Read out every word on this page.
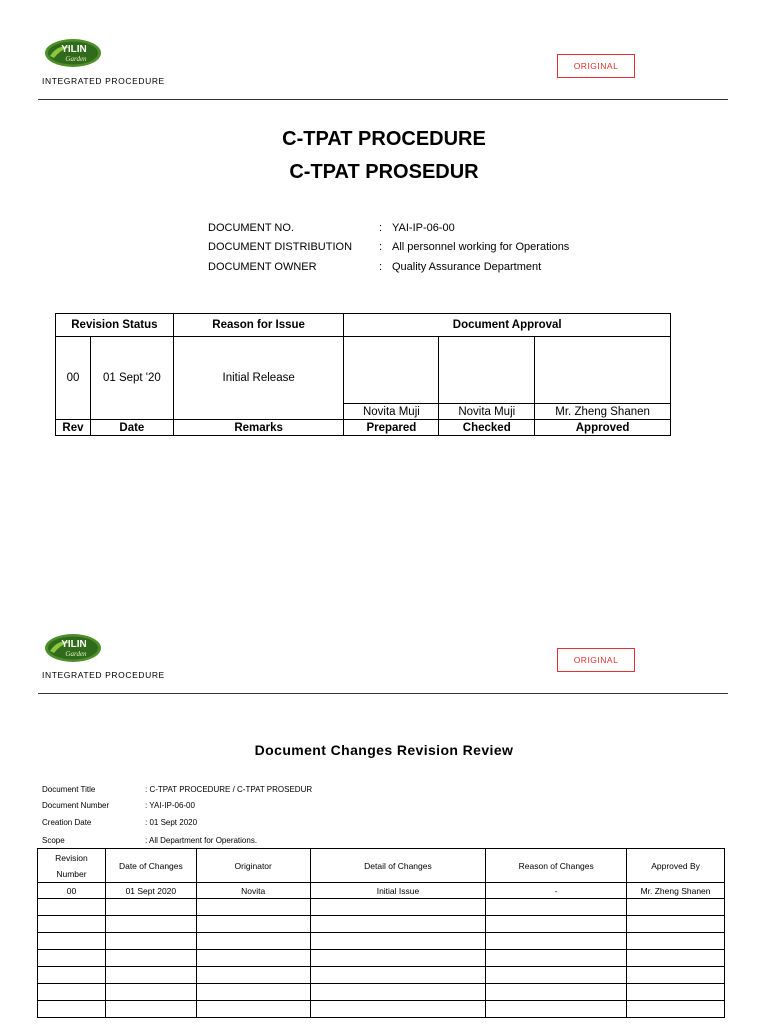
YILIN
Garden
INTEGRATED PROCEDURE
ORIGINAL
C-TPAT PROCEDURE
C-TPAT PROSEDUR
DOCUMENT NO.	: YAI-IP-06-00
DOCUMENT DISTRIBUTION : All personnel working for Operations
DOCUMENT OWNER	: Quality Assurance Department
Revision Status		Reason for Issue	Document Approval		
00	01 Sept '20	Initial Release			
			Novita Muji	Novita Muji	Mr. Zheng Shanen
Rev	Date	Remarks	Prepared	Checked	Approved
YILIN
Garden
INTEGRATED PROCEDURE
ORIGINAL
Document Changes Revision Review
Document Title	: C-TPAT PROCEDURE / C-TPAT PROSEDUR
Document Number	: YAI-IP-06-00
Creation Date	: 01 Sept 2020
Scope	: All Department for Operations.
Revision
Number	Date of Changes	Originator	Detail of Changes	Reason of Changes	Approved By
00	01 Sept 2020	Novita	Initial Issue	-	Mr. Zheng Shanen
